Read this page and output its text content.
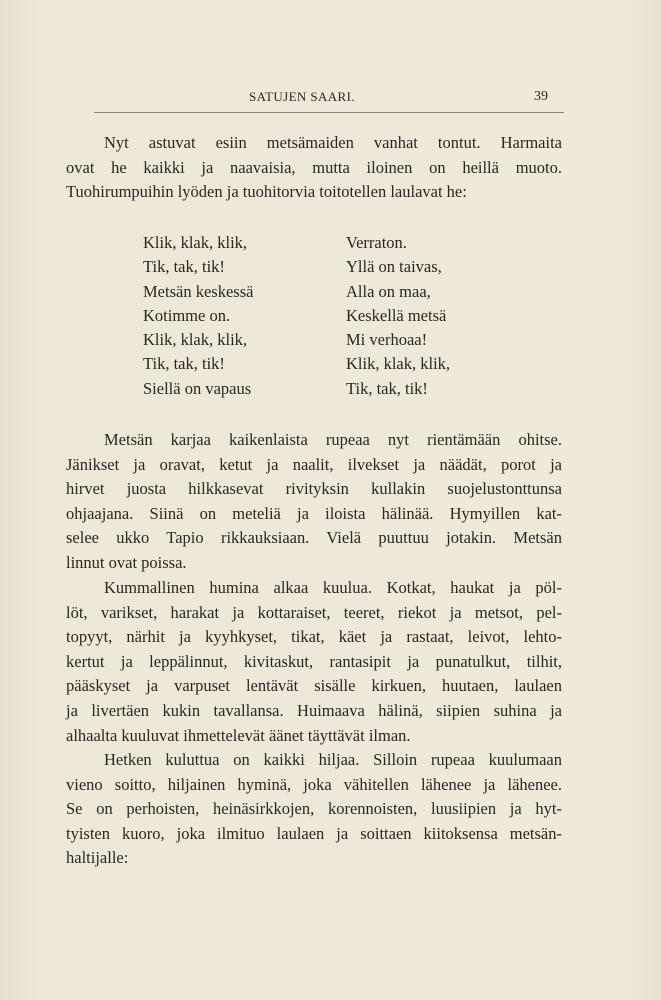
SATUJEN SAARI.	39
Nyt astuvat esiin metsämaiden vanhat tontut. Harmaita
ovat he kaikki ja naavaisia, mutta iloinen on heillä muoto.
Tuohirumpuihin lyöden ja tuohitorvia toitotellen laulavat he:
Klik, klak, klik,
Tik, tak, tik!
Metsän keskessä
Kotimme on.
Klik, klak, klik,
Tik, tak, tik!
Siellä on vapaus
Verraton.
Yllä on taivas,
Alla on maa,
Keskellä metsä
Mi verhoaa!
Klik, klak, klik,
Tik, tak, tik!
Metsän karjaa kaikenlaista rupeaa nyt rientämään ohitse.
Jänikset ja oravat, ketut ja naalit, ilvekset ja näädät, porot ja
hirvet juosta hilkkasevat rivityksin kullakin suojelustonttunsa
ohjaajana. Siinä on meteliä ja iloista hälinää. Hymyillen kat-
selee ukko Tapio rikkauksiaan. Vielä puuttuu jotakin. Metsän
linnut ovat poissa.
Kummallinen humina alkaa kuulua. Kotkat, haukat ja pöl-
löt, varikset, harakat ja kottaraiset, teeret, riekot ja metsot, pel-
topyyt, närhit ja kyyhkyset, tikat, käet ja rastaat, leivot, lehto-
kertut ja leppälinnut, kivitaskut, rantasipit ja punatulkut, tilhit,
pääskyset ja varpuset lentävät sisälle kirkuen, huutaen, laulaen
ja livertäen kukin tavallansa. Huimaava hälinä, siipien suhina ja
alhaalta kuuluvat ihmettelevät äänet täyttävät ilman.
Hetken kuluttua on kaikki hiljaa. Silloin rupeaa kuulumaan
vieno soitto, hiljainen hyminä, joka vähitellen lähenee ja lähenee.
Se on perhoisten, heinäsirkkojen, korennoisten, luusiipien ja hyt-
tyisten kuoro, joka ilmituo laulaen ja soittaen kiitoksensa metsän-
haltijalle:
